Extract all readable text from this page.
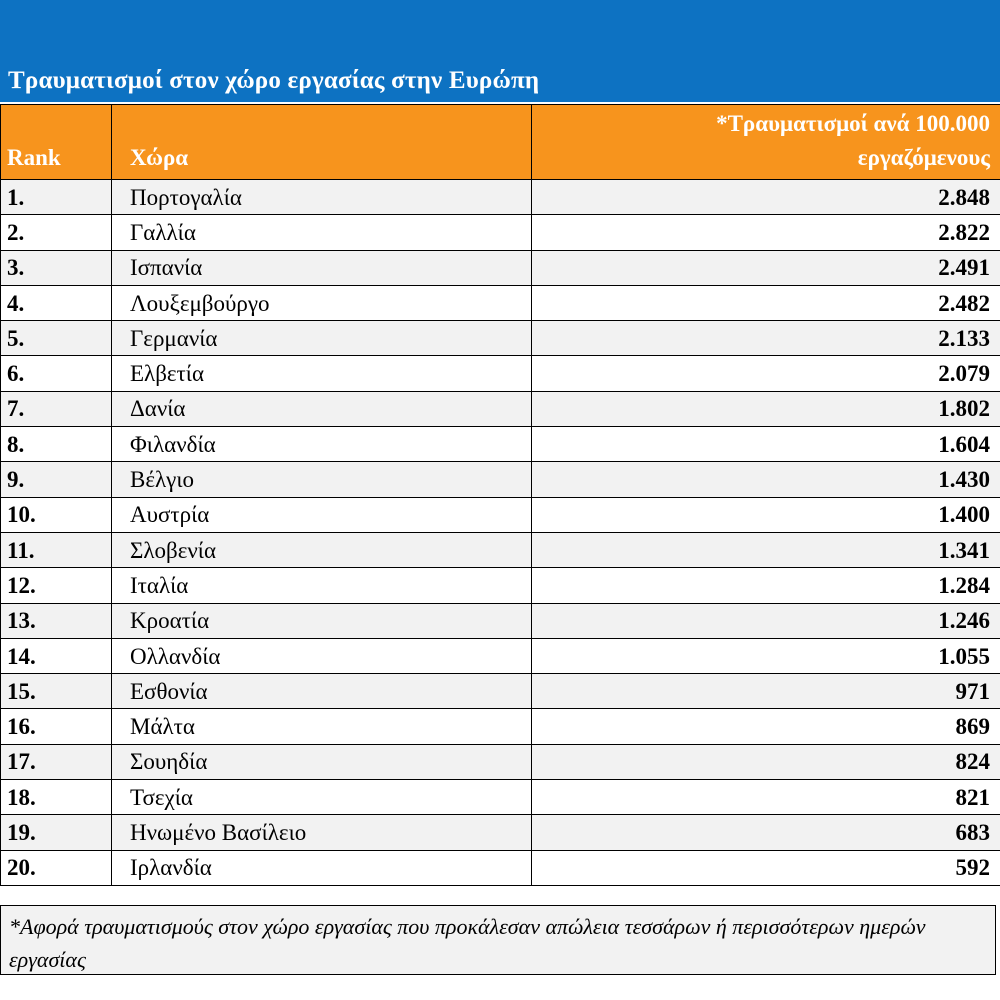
Τραυματισμοί στον χώρο εργασίας στην Ευρώπη
Rank	Χώρα	*Τραυματισμοί ανά 100.000 εργαζόμενους
1.	Πορτογαλία	2.848
2.	Γαλλία	2.822
3.	Ισπανία	2.491
4.	Λουξεμβούργο	2.482
5.	Γερμανία	2.133
6.	Ελβετία	2.079
7.	Δανία	1.802
8.	Φιλανδία	1.604
9.	Βέλγιο	1.430
10.	Αυστρία	1.400
11.	Σλοβενία	1.341
12.	Ιταλία	1.284
13.	Κροατία	1.246
14.	Ολλανδία	1.055
15.	Εσθονία	971
16.	Μάλτα	869
17.	Σουηδία	824
18.	Τσεχία	821
19.	Ηνωμένο Βασίλειο	683
20.	Ιρλανδία	592
*Αφορά τραυματισμούς στον χώρο εργασίας που προκάλεσαν απώλεια τεσσάρων ή περισσότερων ημερών εργασίας
